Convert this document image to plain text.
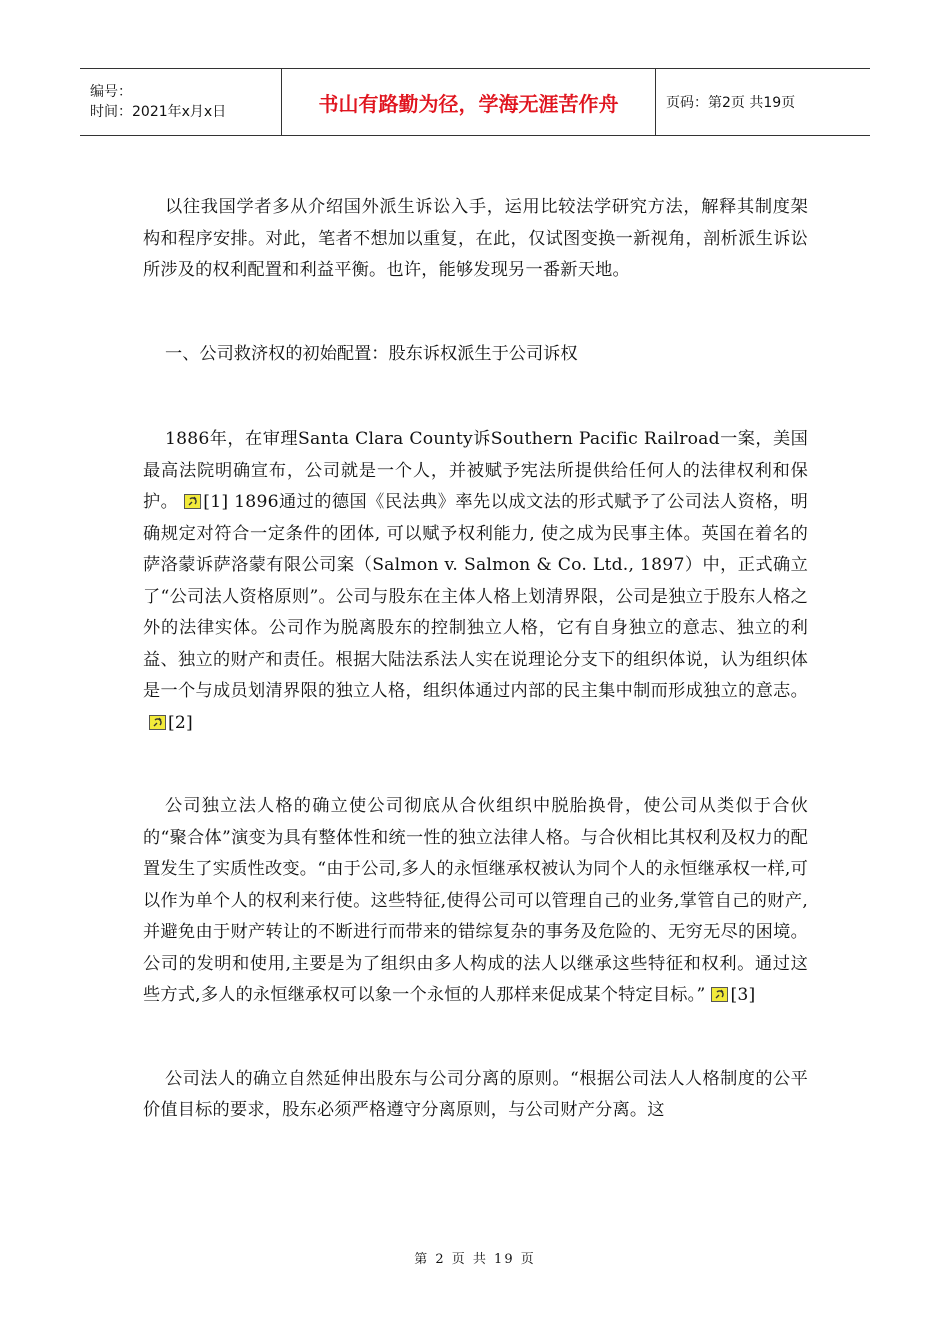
编号：
时间：2021年x月x日	书山有路勤为径，学海无涯苦作舟	页码：第2页 共19页

以往我国学者多从介绍国外派生诉讼入手，运用比较法学研究方法，解释其制度架构和程序安排。对此，笔者不想加以重复，在此，仅试图变换一新视角，剖析派生诉讼所涉及的权利配置和利益平衡。也许，能够发现另一番新天地。

一、公司救济权的初始配置：股东诉权派生于公司诉权

1886年，在审理Santa Clara County诉Southern Pacific Railroad一案，美国最高法院明确宣布，公司就是一个人，并被赋予宪法所提供给任何人的法律权利和保护。 [1] 1896通过的德国《民法典》率先以成文法的形式赋予了公司法人资格，明确规定对符合一定条件的团体, 可以赋予权利能力, 使之成为民事主体。英国在着名的萨洛蒙诉萨洛蒙有限公司案（Salmon v. Salmon & Co. Ltd., 1897）中，正式确立了“公司法人资格原则”。公司与股东在主体人格上划清界限，公司是独立于股东人格之外的法律实体。公司作为脱离股东的控制独立人格，它有自身独立的意志、独立的利益、独立的财产和责任。根据大陆法系法人实在说理论分支下的组织体说，认为组织体是一个与成员划清界限的独立人格，组织体通过内部的民主集中制而形成独立的意志。
[2]

公司独立法人格的确立使公司彻底从合伙组织中脱胎换骨，使公司从类似于合伙的“聚合体”演变为具有整体性和统一性的独立法律人格。与合伙相比其权利及权力的配置发生了实质性改变。“由于公司,多人的永恒继承权被认为同个人的永恒继承权一样,可以作为单个人的权利来行使。这些特征,使得公司可以管理自己的业务,掌管自己的财产,并避免由于财产转让的不断进行而带来的错综复杂的事务及危险的、无穷无尽的困境。公司的发明和使用,主要是为了组织由多人构成的法人以继承这些特征和权利。通过这些方式,多人的永恒继承权可以象一个永恒的人那样来促成某个特定目标。” [3]

公司法人的确立自然延伸出股东与公司分离的原则。“根据公司法人人格制度的公平价值目标的要求，股东必须严格遵守分离原则，与公司财产分离。这

第 2 页 共 19 页
